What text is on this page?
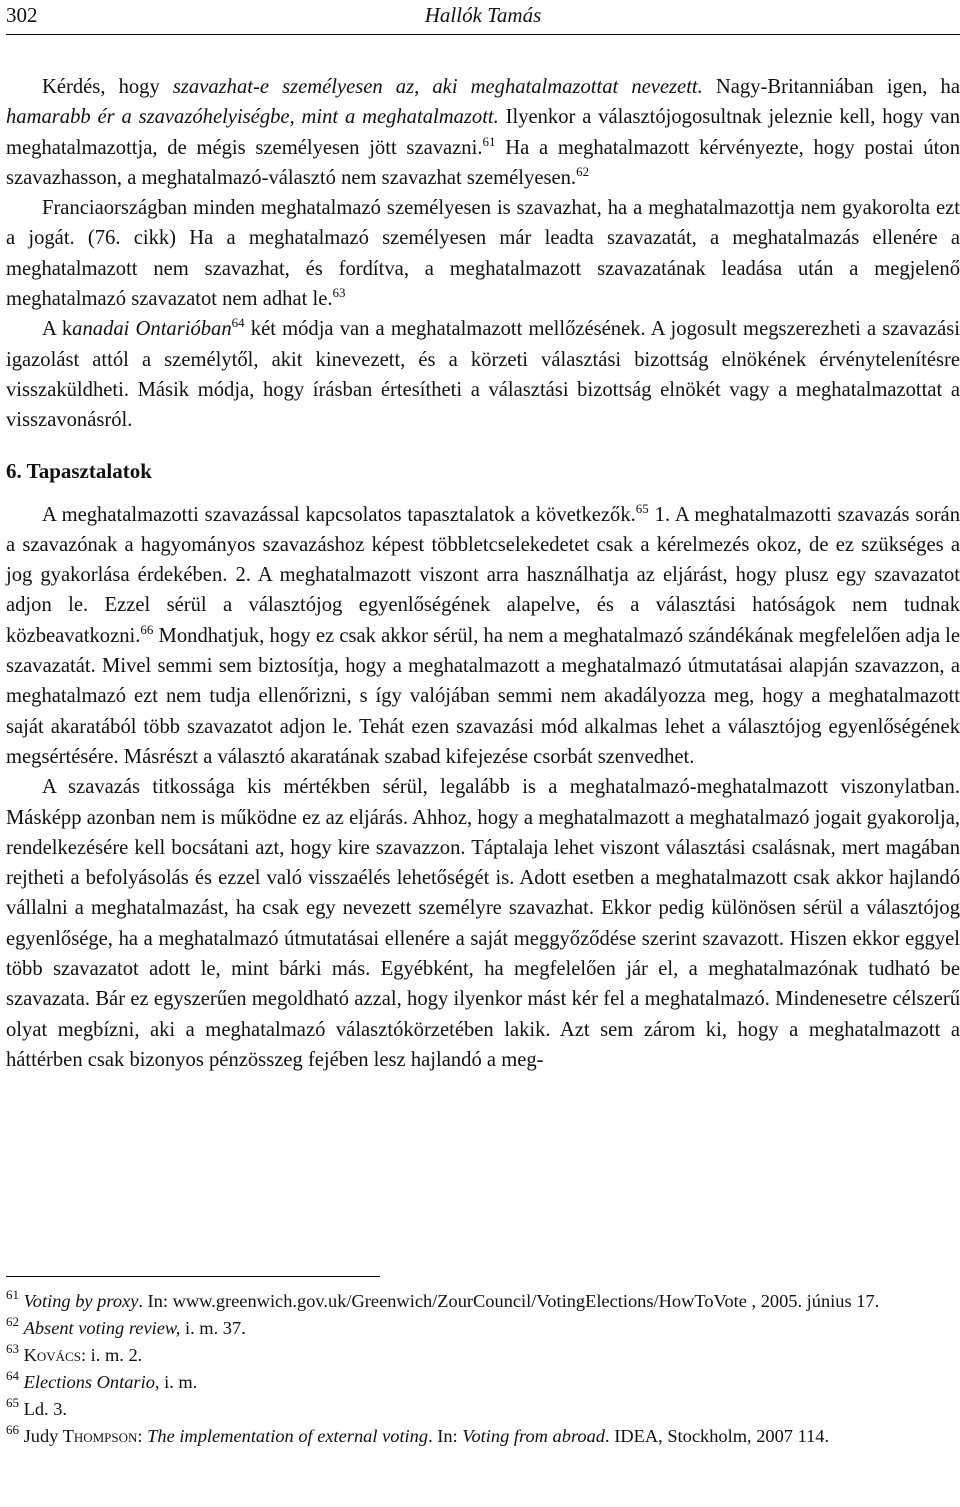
302	Hallók Tamás

Kérdés, hogy szavazhat-e személyesen az, aki meghatalmazottat nevezett. Nagy-Britanniában igen, ha hamarabb ér a szavazóhelyiségbe, mint a meghatalmazott. Ilyenkor a választójogosultnak jeleznie kell, hogy van meghatalmazottja, de mégis személyesen jött szavazni.$^{61}$ Ha a meghatalmazott kérvényezte, hogy postai úton szavazhasson, a meghatalmazó-választó nem szavazhat személyesen.$^{62}$

Franciaországban minden meghatalmazó személyesen is szavazhat, ha a meghatalmazottja nem gyakorolta ezt a jogát. (76. cikk) Ha a meghatalmazó személyesen már leadta szavazatát, a meghatalmazás ellenére a meghatalmazott nem szavazhat, és fordítva, a meghatalmazott szavazatának leadása után a megjelenő meghatalmazó szavazatot nem adhat le.$^{63}$

A kanadai Ontarióban$^{64}$ két módja van a meghatalmazott mellőzésének. A jogosult megszerezheti a szavazási igazolást attól a személytől, akit kinevezett, és a körzeti választási bizottság elnökének érvénytelenítésre visszaküldheti. Másik módja, hogy írásban értesítheti a választási bizottság elnökét vagy a meghatalmazottat a visszavonásról.

6. Tapasztalatok

A meghatalmazotti szavazással kapcsolatos tapasztalatok a következők.$^{65}$ 1. A meghatalmazotti szavazás során a szavazónak a hagyományos szavazáshoz képest többletcselekedetet csak a kérelmezés okoz, de ez szükséges a jog gyakorlása érdekében. 2. A meghatalmazott viszont arra használhatja az eljárást, hogy plusz egy szavazatot adjon le. Ezzel sérül a választójog egyenlőségének alapelve, és a választási hatóságok nem tudnak közbeavatkozni.$^{66}$ Mondhatjuk, hogy ez csak akkor sérül, ha nem a meghatalmazó szándékának megfelelően adja le szavazatát. Mivel semmi sem biztosítja, hogy a meghatalmazott a meghatalmazó útmutatásai alapján szavazzon, a meghatalmazó ezt nem tudja ellenőrizni, s így valójában semmi nem akadályozza meg, hogy a meghatalmazott saját akaratából több szavazatot adjon le. Tehát ezen szavazási mód alkalmas lehet a választójog egyenlőségének megsértésére. Másrészt a választó akaratának szabad kifejezése csorbát szenvedhet.

A szavazás titkossága kis mértékben sérül, legalább is a meghatalmazó-meghatalmazott viszonylatban. Másképp azonban nem is működne ez az eljárás. Ahhoz, hogy a meghatalmazott a meghatalmazó jogait gyakorolja, rendelkezésére kell bocsátani azt, hogy kire szavazzon. Táptalaja lehet viszont választási csalásnak, mert magában rejtheti a befolyásolás és ezzel való visszaélés lehetőségét is. Adott esetben a meghatalmazott csak akkor hajlandó vállalni a meghatalmazást, ha csak egy nevezett személyre szavazhat. Ekkor pedig különösen sérül a választójog egyenlősége, ha a meghatalmazó útmutatásai ellenére a saját meggyőződése szerint szavazott. Hiszen ekkor eggyel több szavazatot adott le, mint bárki más. Egyébként, ha megfelelően jár el, a meghatalmazónak tudható be szavazata. Bár ez egyszerűen megoldható azzal, hogy ilyenkor mást kér fel a meghatalmazó. Mindenesetre célszerű olyat megbízni, aki a meghatalmazó választókörzetében lakik. Azt sem zárom ki, hogy a meghatalmazott a háttérben csak bizonyos pénzösszeg fejében lesz hajlandó a meg-

$^{61}$ Voting by proxy. In: www.greenwich.gov.uk/Greenwich/ZourCouncil/VotingElections/HowToVote , 2005. június 17.

$^{62}$ Absent voting review, i. m. 37.

$^{63}$ Kovács: i. m. 2.

$^{64}$ Elections Ontario, i. m.

$^{65}$ Ld. 3.

$^{66}$ Judy Thompson: The implementation of external voting. In: Voting from abroad. IDEA, Stockholm, 2007 114.
